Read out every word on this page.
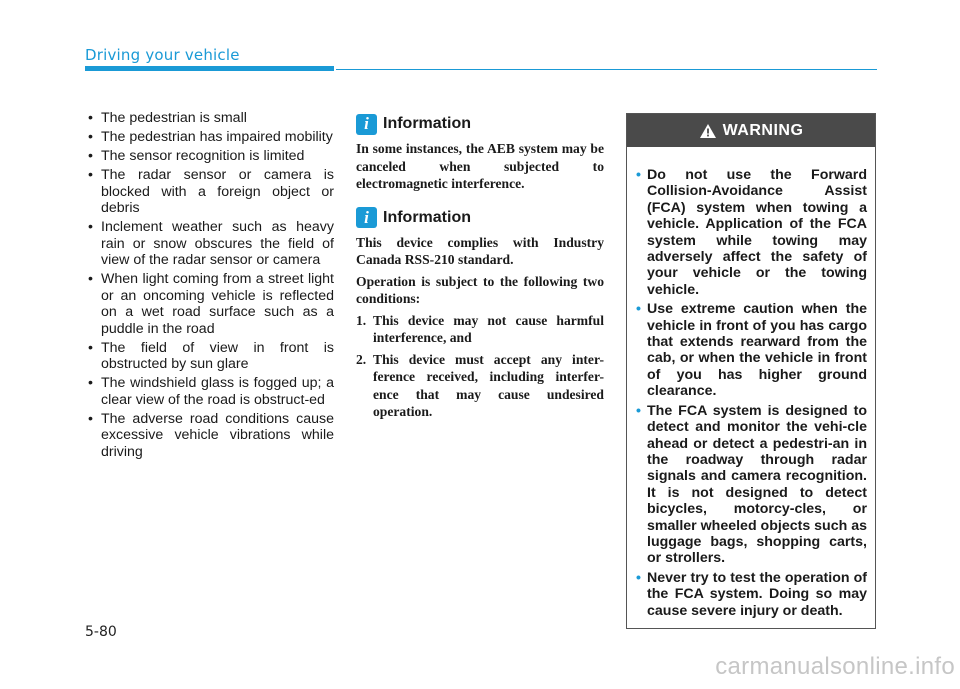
Driving your vehicle
• The pedestrian is small
• The pedestrian has impaired mobility
• The sensor recognition is limited
• The radar sensor or camera is blocked with a foreign object or debris
• Inclement weather such as heavy rain or snow obscures the field of view of the radar sensor or camera
• When light coming from a street light or an oncoming vehicle is reflected on a wet road surface such as a puddle in the road
• The field of view in front is obstructed by sun glare
• The windshield glass is fogged up; a clear view of the road is obstruct-ed
• The adverse road conditions cause excessive vehicle vibrations while driving
i Information

In some instances, the AEB system may be canceled when subjected to electromagnetic interference.

i Information

This device complies with Industry Canada RSS-210 standard.

Operation is subject to the following two conditions:

1. This device may not cause harmful interference, and
2. This device must accept any inter-ference received, including interfer-ence that may cause undesired operation.
WARNING
• Do not use the Forward Collision-Avoidance Assist (FCA) system when towing a vehicle. Application of the FCA system while towing may adversely affect the safety of your vehicle or the towing vehicle.
• Use extreme caution when the vehicle in front of you has cargo that extends rearward from the cab, or when the vehicle in front of you has higher ground clearance.
• The FCA system is designed to detect and monitor the vehi-cle ahead or detect a pedestri-an in the roadway through radar signals and camera recognition. It is not designed to detect bicycles, motorcy-cles, or smaller wheeled objects such as luggage bags, shopping carts, or strollers.
• Never try to test the operation of the FCA system. Doing so may cause severe injury or death.
5-80
carmanualsonline.info
